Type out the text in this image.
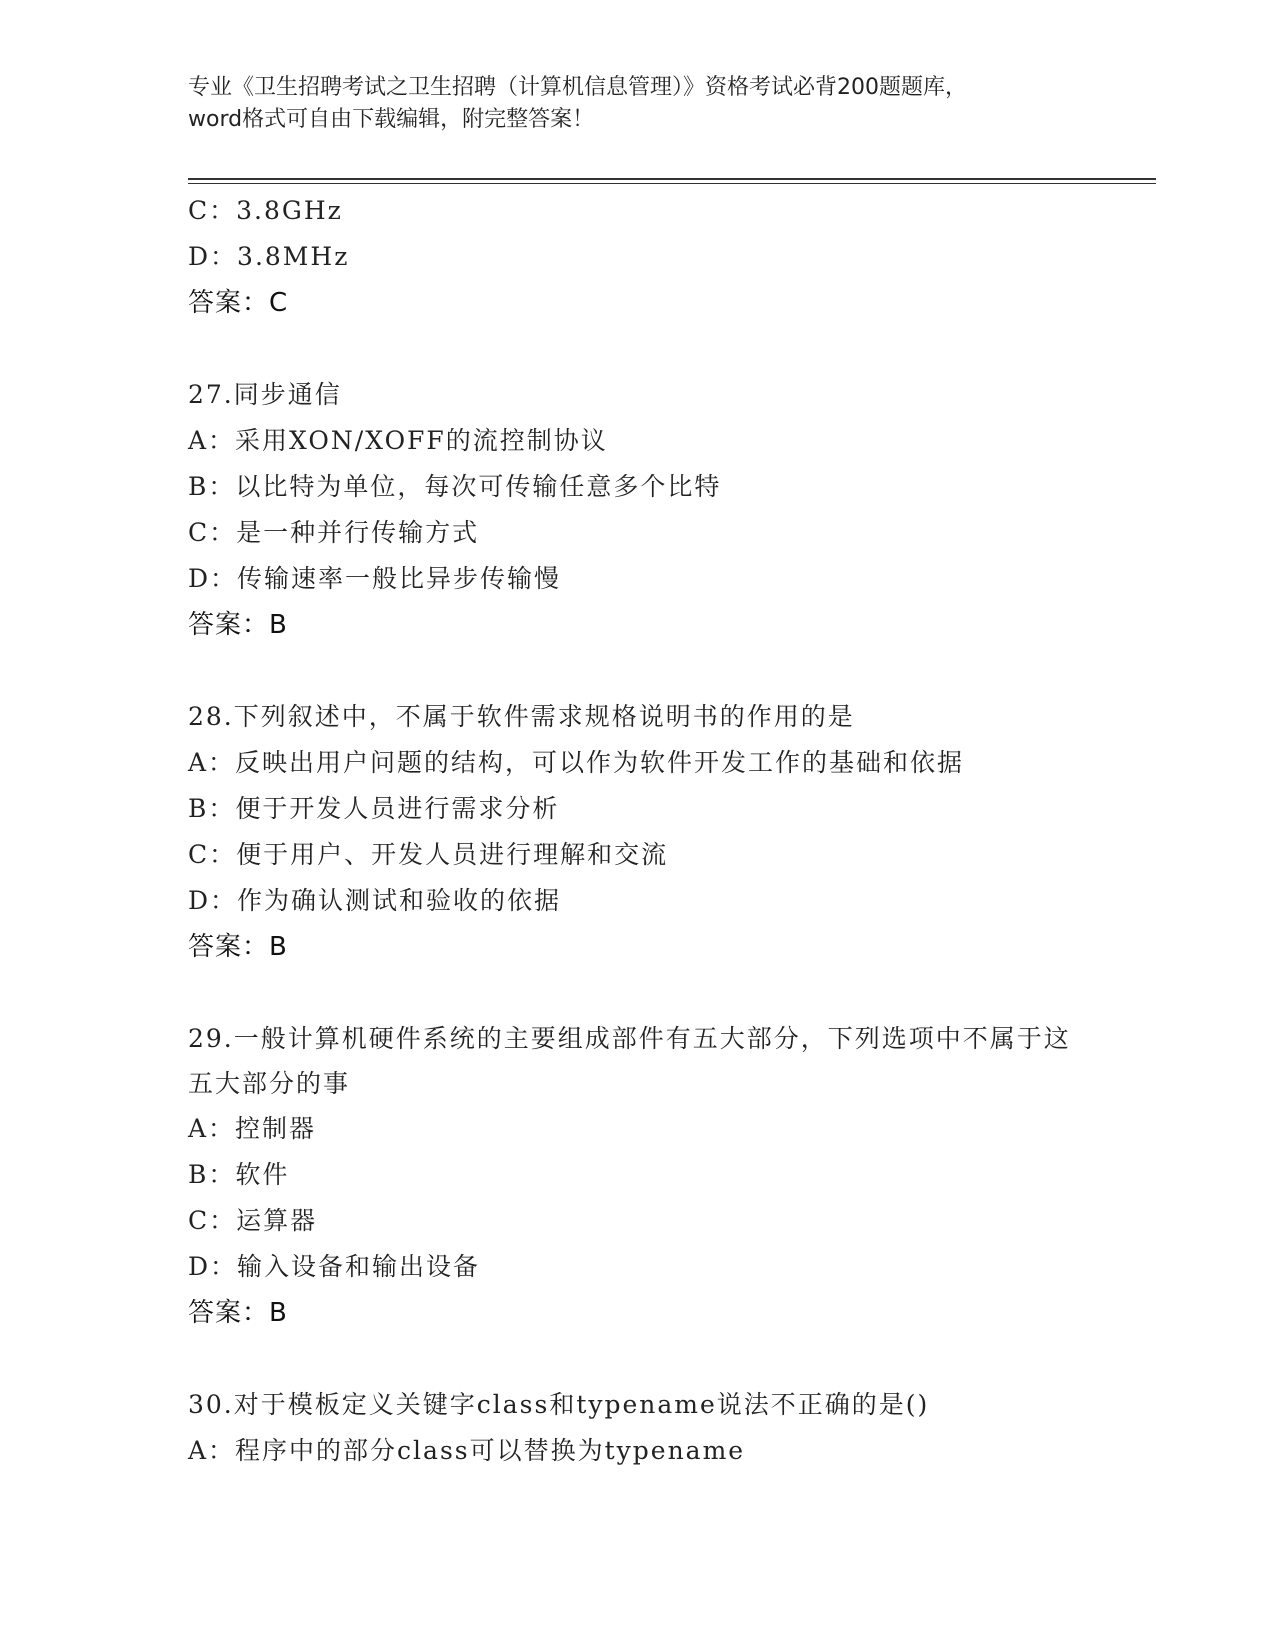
专业《卫生招聘考试之卫生招聘（计算机信息管理）》资格考试必背200题题库，
word格式可自由下载编辑，附完整答案！
C：3.8GHz
D：3.8MHz
答案：C
27.同步通信
A：采用XON/XOFF的流控制协议
B：以比特为单位，每次可传输任意多个比特
C：是一种并行传输方式
D：传输速率一般比异步传输慢
答案：B
28.下列叙述中，不属于软件需求规格说明书的作用的是
A：反映出用户问题的结构，可以作为软件开发工作的基础和依据
B：便于开发人员进行需求分析
C：便于用户、开发人员进行理解和交流
D：作为确认测试和验收的依据
答案：B
29.一般计算机硬件系统的主要组成部件有五大部分，下列选项中不属于这五大部分的事
A：控制器
B：软件
C：运算器
D：输入设备和输出设备
答案：B
30.对于模板定义关键字class和typename说法不正确的是()
A：程序中的部分class可以替换为typename
